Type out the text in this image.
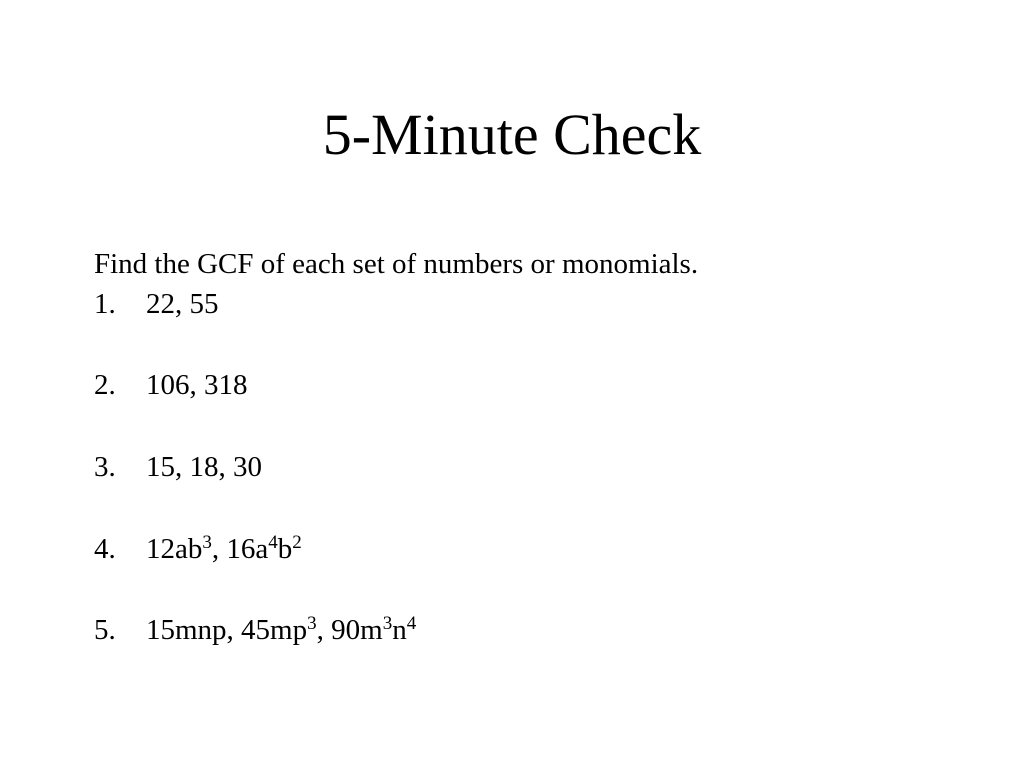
5-Minute Check

Find the GCF of each set of numbers or monomials.

1. 22, 55
2. 106, 318
3. 15, 18, 30
4. $12ab^3$, $16a^4b^2$
5. 15mnp, $45mp^3$, $90m^3n^4$
